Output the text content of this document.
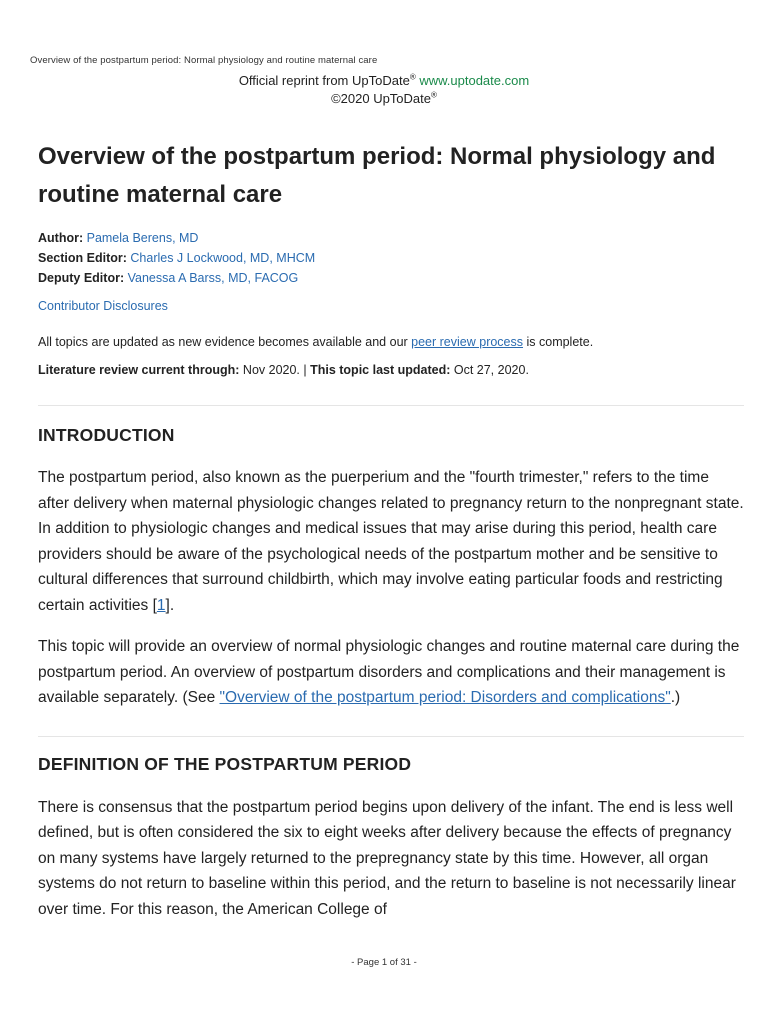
Overview of the postpartum period: Normal physiology and routine maternal care
Official reprint from UpToDate® www.uptodate.com
©2020 UpToDate®
Overview of the postpartum period: Normal physiology and routine maternal care
Author: Pamela Berens, MD
Section Editor: Charles J Lockwood, MD, MHCM
Deputy Editor: Vanessa A Barss, MD, FACOG
Contributor Disclosures
All topics are updated as new evidence becomes available and our peer review process is complete.
Literature review current through: Nov 2020. | This topic last updated: Oct 27, 2020.
INTRODUCTION

The postpartum period, also known as the puerperium and the "fourth trimester," refers to the time after delivery when maternal physiologic changes related to pregnancy return to the nonpregnant state. In addition to physiologic changes and medical issues that may arise during this period, health care providers should be aware of the psychological needs of the postpartum mother and be sensitive to cultural differences that surround childbirth, which may involve eating particular foods and restricting certain activities [1].

This topic will provide an overview of normal physiologic changes and routine maternal care during the postpartum period. An overview of postpartum disorders and complications and their management is available separately. (See "Overview of the postpartum period: Disorders and complications".)

DEFINITION OF THE POSTPARTUM PERIOD

There is consensus that the postpartum period begins upon delivery of the infant. The end is less well defined, but is often considered the six to eight weeks after delivery because the effects of pregnancy on many systems have largely returned to the prepregnancy state by this time. However, all organ systems do not return to baseline within this period, and the return to baseline is not necessarily linear over time. For this reason, the American College of

- Page 1 of 31 -
